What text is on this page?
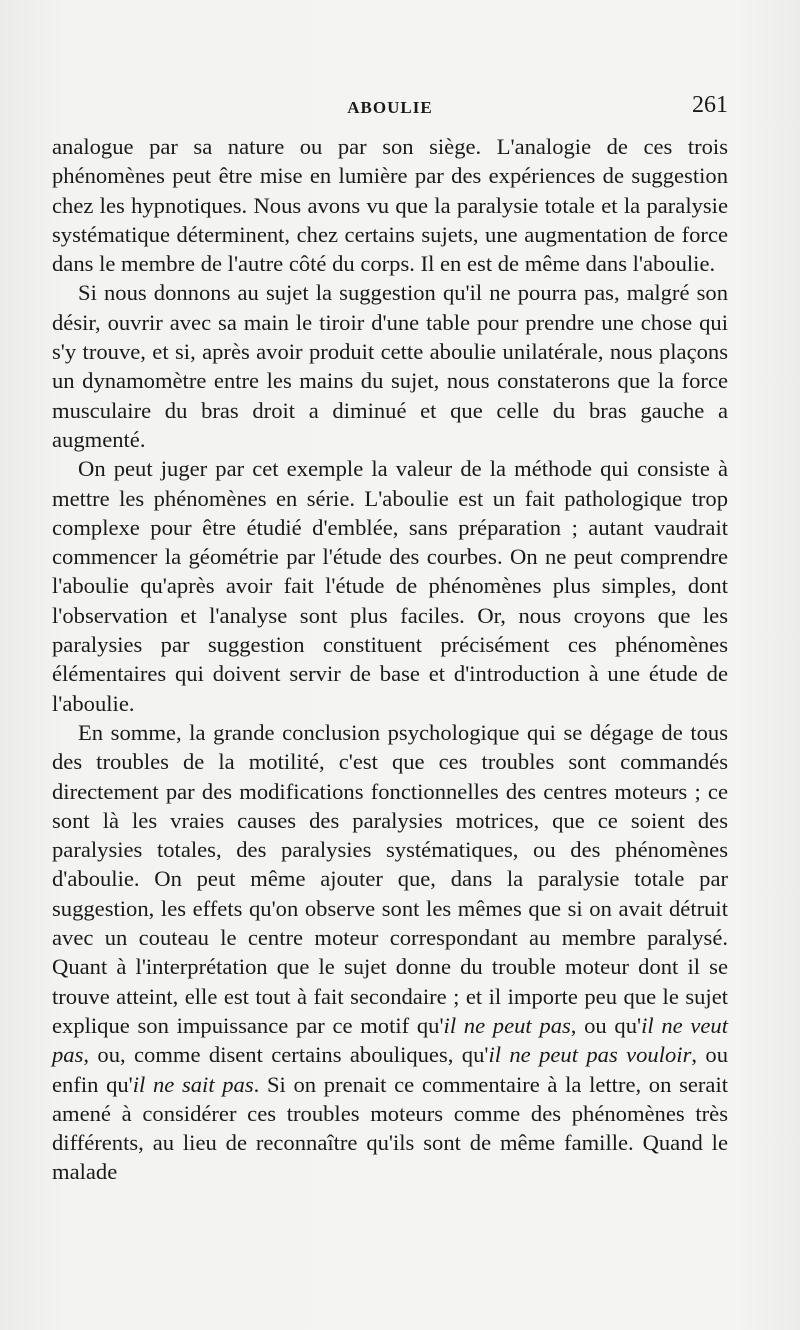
ABOULIE	261

analogue par sa nature ou par son siège. L'analogie de ces trois phénomènes peut être mise en lumière par des expériences de suggestion chez les hypnotiques. Nous avons vu que la paralysie totale et la paralysie systématique déterminent, chez certains sujets, une augmentation de force dans le membre de l'autre côté du corps. Il en est de même dans l'aboulie.

Si nous donnons au sujet la suggestion qu'il ne pourra pas, malgré son désir, ouvrir avec sa main le tiroir d'une table pour prendre une chose qui s'y trouve, et si, après avoir produit cette aboulie unilatérale, nous plaçons un dynamomètre entre les mains du sujet, nous constaterons que la force musculaire du bras droit a diminué et que celle du bras gauche a augmenté.

On peut juger par cet exemple la valeur de la méthode qui consiste à mettre les phénomènes en série. L'aboulie est un fait pathologique trop complexe pour être étudié d'emblée, sans préparation ; autant vaudrait commencer la géométrie par l'étude des courbes. On ne peut comprendre l'aboulie qu'après avoir fait l'étude de phénomènes plus simples, dont l'observation et l'analyse sont plus faciles. Or, nous croyons que les paralysies par suggestion constituent précisément ces phénomènes élémentaires qui doivent servir de base et d'introduction à une étude de l'aboulie.

En somme, la grande conclusion psychologique qui se dégage de tous des troubles de la motilité, c'est que ces troubles sont commandés directement par des modifications fonctionnelles des centres moteurs ; ce sont là les vraies causes des paralysies motrices, que ce soient des paralysies totales, des paralysies systématiques, ou des phénomènes d'aboulie. On peut même ajouter que, dans la paralysie totale par suggestion, les effets qu'on observe sont les mêmes que si on avait détruit avec un couteau le centre moteur correspondant au membre paralysé. Quant à l'interprétation que le sujet donne du trouble moteur dont il se trouve atteint, elle est tout à fait secondaire ; et il importe peu que le sujet explique son impuissance par ce motif qu'il ne peut pas, ou qu'il ne veut pas, ou, comme disent certains abouliques, qu'il ne peut pas vouloir, ou enfin qu'il ne sait pas. Si on prenait ce commentaire à la lettre, on serait amené à considérer ces troubles moteurs comme des phénomènes très différents, au lieu de reconnaître qu'ils sont de même famille. Quand le malade
